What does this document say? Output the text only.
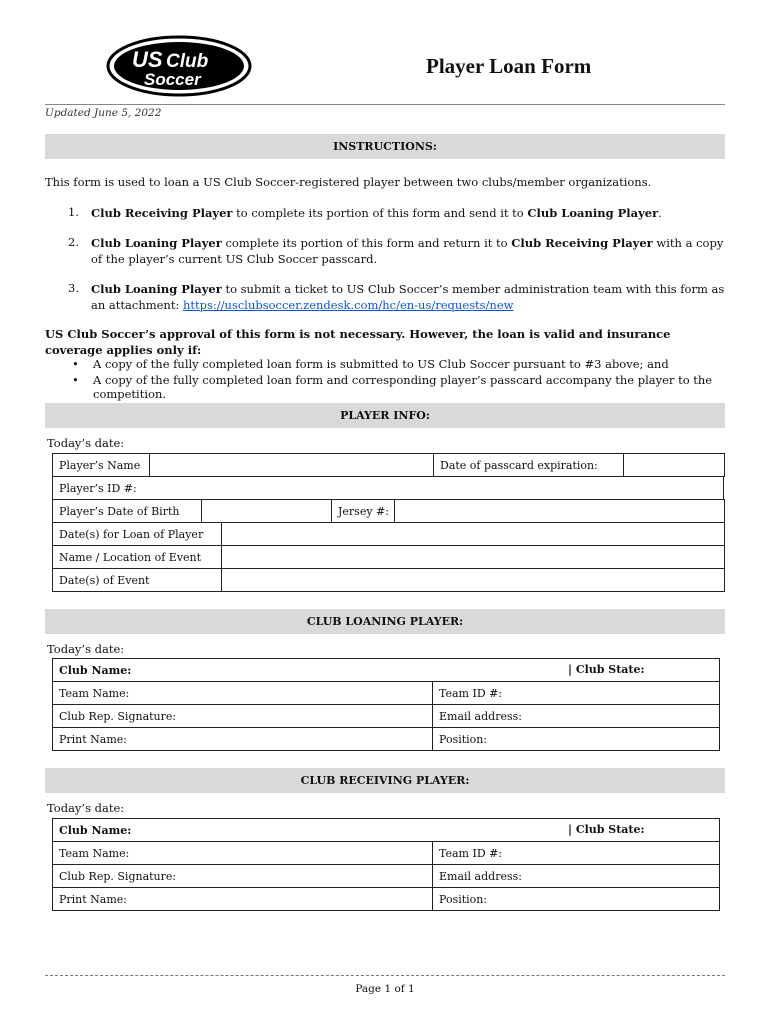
US Club
Soccer
Player Loan Form
Updated June 5, 2022
INSTRUCTIONS:
This form is used to loan a US Club Soccer-registered player between two clubs/member organizations.
1. Club Receiving Player to complete its portion of this form and send it to Club Loaning Player.
2. Club Loaning Player complete its portion of this form and return it to Club Receiving Player with a copy of the player’s current US Club Soccer passcard.
3. Club Loaning Player to submit a ticket to US Club Soccer’s member administration team with this form as an attachment: https://usclubsoccer.zendesk.com/hc/en-us/requests/new
US Club Soccer’s approval of this form is not necessary. However, the loan is valid and insurance coverage applies only if:
• A copy of the fully completed loan form is submitted to US Club Soccer pursuant to #3 above; and
• A copy of the fully completed loan form and corresponding player’s passcard accompany the player to the competition.
PLAYER INFO:
Today’s date:
Player’s Name		Date of passcard expiration:	
Player’s ID #:
Player’s Date of Birth		Jersey #:	
Date(s) for Loan of Player	
Name / Location of Event	
Date(s) of Event	
CLUB LOANING PLAYER:
Today’s date:
Club Name: | Club State:	

Team Name:	Team ID #:
Club Rep. Signature:	Email address:
Print Name:	Position:
CLUB RECEIVING PLAYER:
Today’s date:
Club Name: | Club State:	

Team Name:	Team ID #:
Club Rep. Signature:	Email address:
Print Name:	Position:
Page 1 of 1
